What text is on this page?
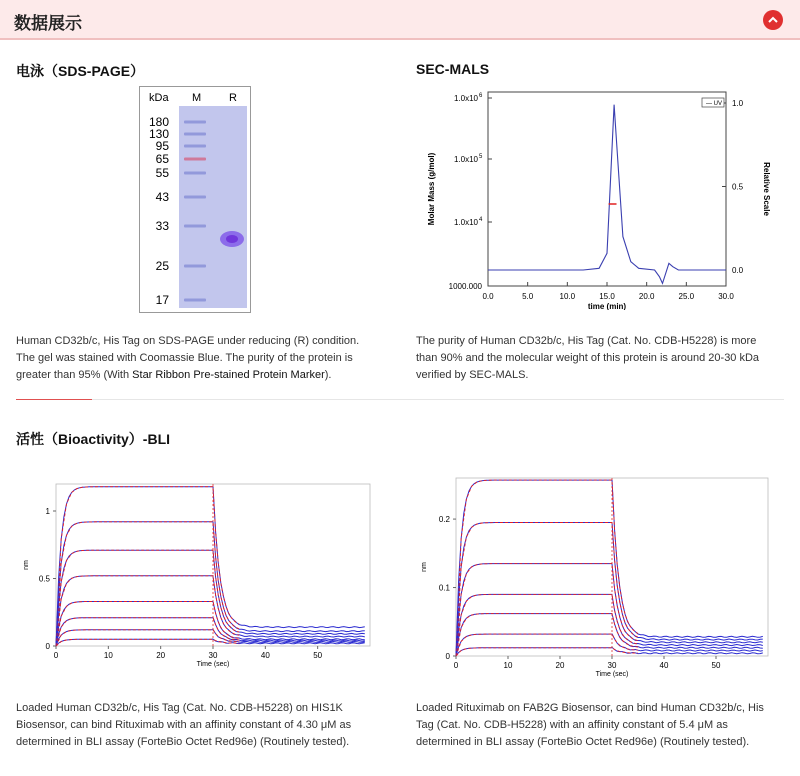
数据展示
电泳（SDS-PAGE）
kDa M	R
180
130
95
65
55
43
33
25
17
Human CD32b/c, His Tag on SDS-PAGE under reducing (R) condition.
The gel was stained with Coomassie Blue. The purity of the protein is
greater than 95% (With Star Ribbon Pre-stained Protein Marker).
SEC-MALS
0.0	5.0	10.0	15.0	20.0	25.0	30.0
time (min)
1000.000
1.0x10 4
1.0x10 5
1.0x10 6
Molar Mass (g/mol)
0.0
0.5
1.0
Relative Scale
— UV
The purity of Human CD32b/c, His Tag (Cat. No. CDB-H5228) is more
than 90% and the molecular weight of this protein is around 20-30 kDa
verified by SEC-MALS.
活性（Bioactivity）-BLI
0	10	20	30	40	50
Time (sec)
0
0.5
1
nm
0	10	20	30	40	50
Time (sec)
0
0.1
0.2
nm
Loaded Human CD32b/c, His Tag (Cat. No. CDB-H5228) on HIS1K
Biosensor, can bind Rituximab with an affinity constant of 4.30 μM as
determined in BLI assay (ForteBio Octet Red96e) (Routinely tested).
Loaded Rituximab on FAB2G Biosensor, can bind Human CD32b/c, His
Tag (Cat. No. CDB-H5228) with an affinity constant of 5.4 μM as
determined in BLI assay (ForteBio Octet Red96e) (Routinely tested).
